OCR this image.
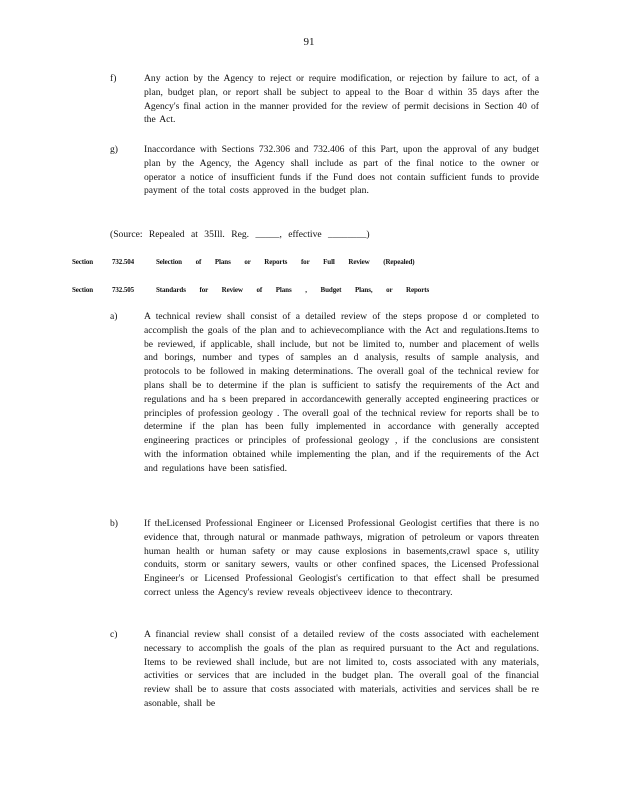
91
f)	Any action by the Agency to reject or require modification, or rejection by failure to act, of a plan, budget plan, or report shall be subject to appeal to the Boar d within 35 days after the Agency's final action in the manner provided for the review of permit decisions in Section 40 of the Act.
g)	Inaccordance with Sections 732.306 and 732.406 of this Part, upon the approval of any budget plan by the Agency, the Agency shall include as part of the final notice to the owner or operator a notice of insufficient funds if the Fund does not contain sufficient funds to provide payment of the total costs approved in the budget plan.
(Source: Repealed at 35Ill. Reg. _____, effective ________)
Section	732.504	Selection of Plans or Reports for Full Review (Repealed)
Section	732.505	Standards for Review of Plans , Budget Plans, or Reports
a)	A technical review shall consist of a detailed review of the steps propose d or completed to accomplish the goals of the plan and to achievecompliance with the Act and regulations.Items to be reviewed, if applicable, shall include, but not be limited to, number and placement of wells and borings, number and types of samples an d analysis, results of sample analysis, and protocols to be followed in making determinations. The overall goal of the technical review for plans shall be to determine if the plan is sufficient to satisfy the requirements of the Act and regulations and ha s been prepared in accordancewith generally accepted engineering practices or principles of profession geology . The overall goal of the technical review for reports shall be to determine if the plan has been fully implemented in accordance with generally accepted engineering practices or principles of professional geology , if the conclusions are consistent with the information obtained while implementing the plan, and if the requirements of the Act and regulations have been satisfied.
b)	If theLicensed Professional Engineer or Licensed Professional Geologist certifies that there is no evidence that, through natural or manmade pathways, migration of petroleum or vapors threaten human health or human safety or may cause explosions in basements,crawl space s, utility conduits, storm or sanitary sewers, vaults or other confined spaces, the Licensed Professional Engineer's or Licensed Professional Geologist's certification to that effect shall be presumed correct unless the Agency's review reveals objectiveev idence to thecontrary.
c)	A financial review shall consist of a detailed review of the costs associated with eachelement necessary to accomplish the goals of the plan as required pursuant to the Act and regulations. Items to be reviewed shall include, but are not limited to, costs associated with any materials, activities or services that are included in the budget plan. The overall goal of the financial review shall be to assure that costs associated with materials, activities and services shall be re asonable, shall be
